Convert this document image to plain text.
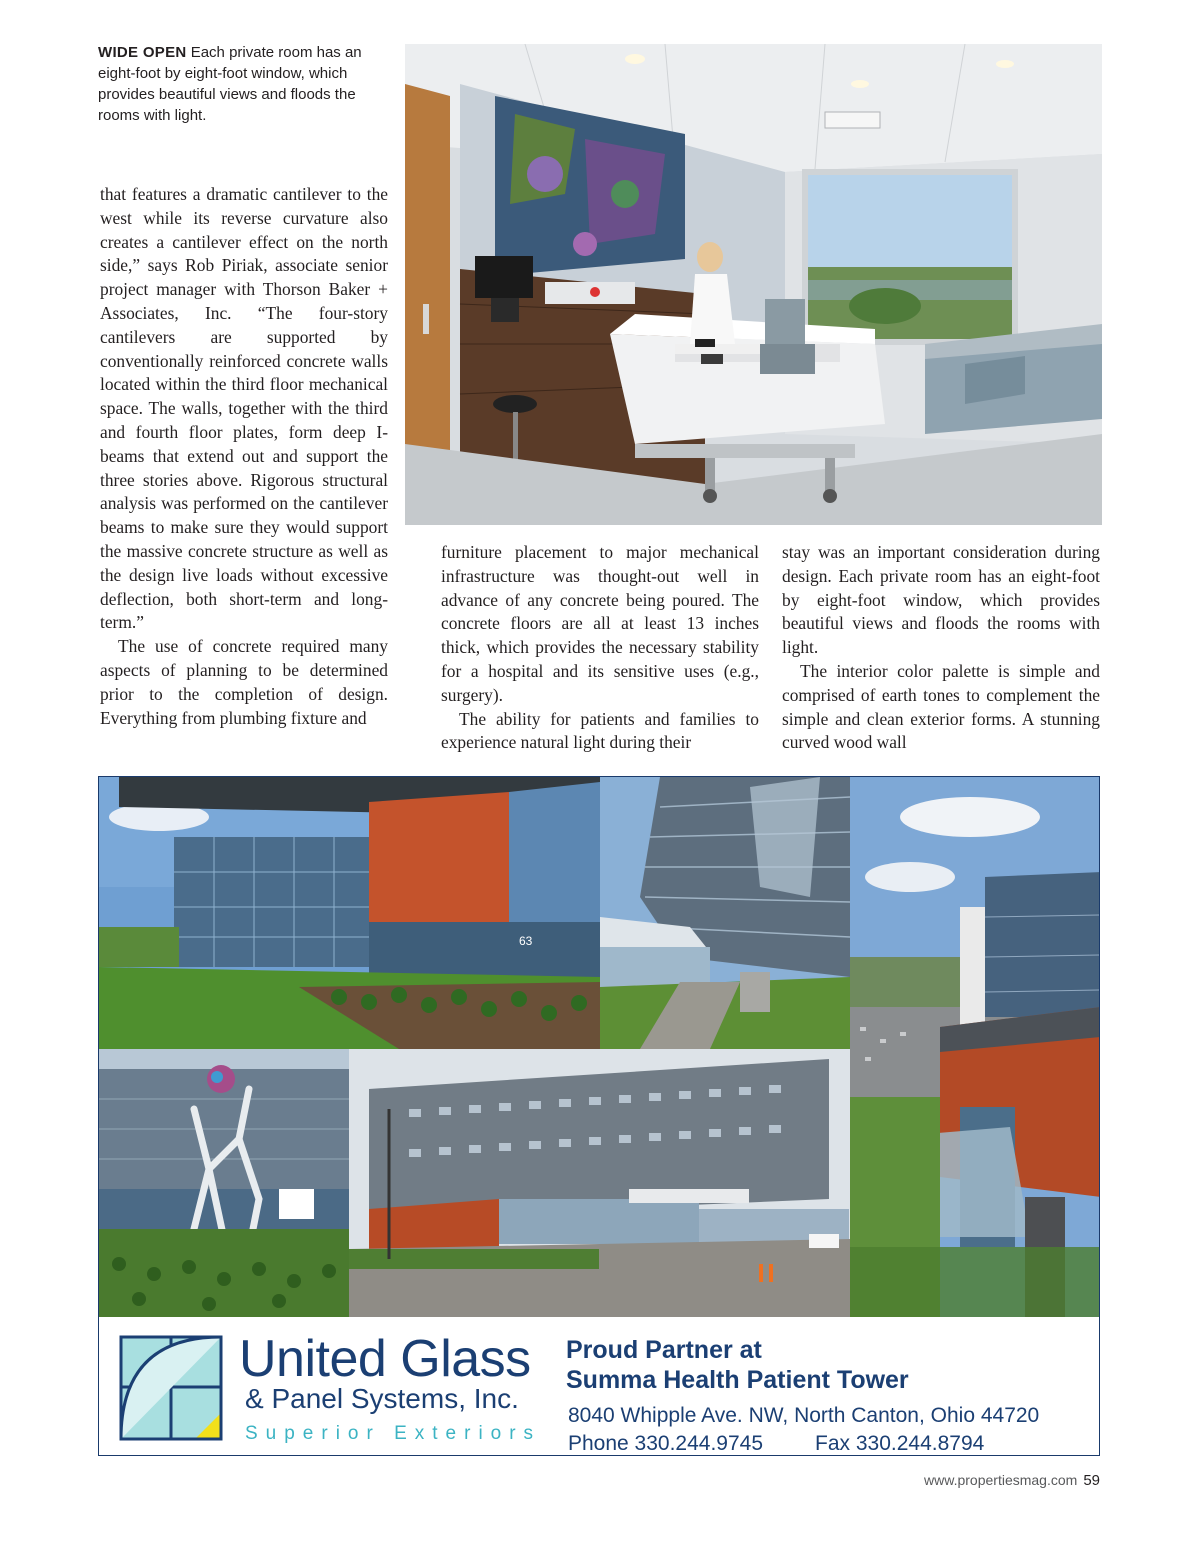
WIDE OPEN Each private room has an eight-foot by eight-foot window, which provides beautiful views and floods the rooms with light.

that features a dramatic cantilever to the west while its reverse curvature also creates a cantilever effect on the north side,” says Rob Piriak, associate senior project manager with Thorson Baker + Associates, Inc. “The four-story cantilevers are supported by conventionally reinforced concrete walls located within the third floor mechanical space. The walls, together with the third and fourth floor plates, form deep I-beams that extend out and support the three stories above. Rigorous structural analysis was performed on the cantilever beams to make sure they would support the massive concrete structure as well as the design live loads without excessive deflection, both short-term and long-term.”

The use of concrete required many aspects of planning to be determined prior to the completion of design. Everything from plumbing fixture and

furniture placement to major mechanical infrastructure was thought-out well in advance of any concrete being poured. The concrete floors are all at least 13 inches thick, which provides the necessary stability for a hospital and its sensitive uses (e.g., surgery).

The ability for patients and families to experience natural light during their

stay was an important consideration during design. Each private room has an eight-foot by eight-foot window, which provides beautiful views and floods the rooms with light.

The interior color palette is simple and comprised of earth tones to complement the simple and clean exterior forms. A stunning curved wood wall

63
United Glass
& Panel Systems, Inc.
Superior Exteriors
Proud Partner at
Summa Health Patient Tower
8040 Whipple Ave. NW, North Canton, Ohio 44720
Phone 330.244.9745 Fax 330.244.8794
www.propertiesmag.com 59
